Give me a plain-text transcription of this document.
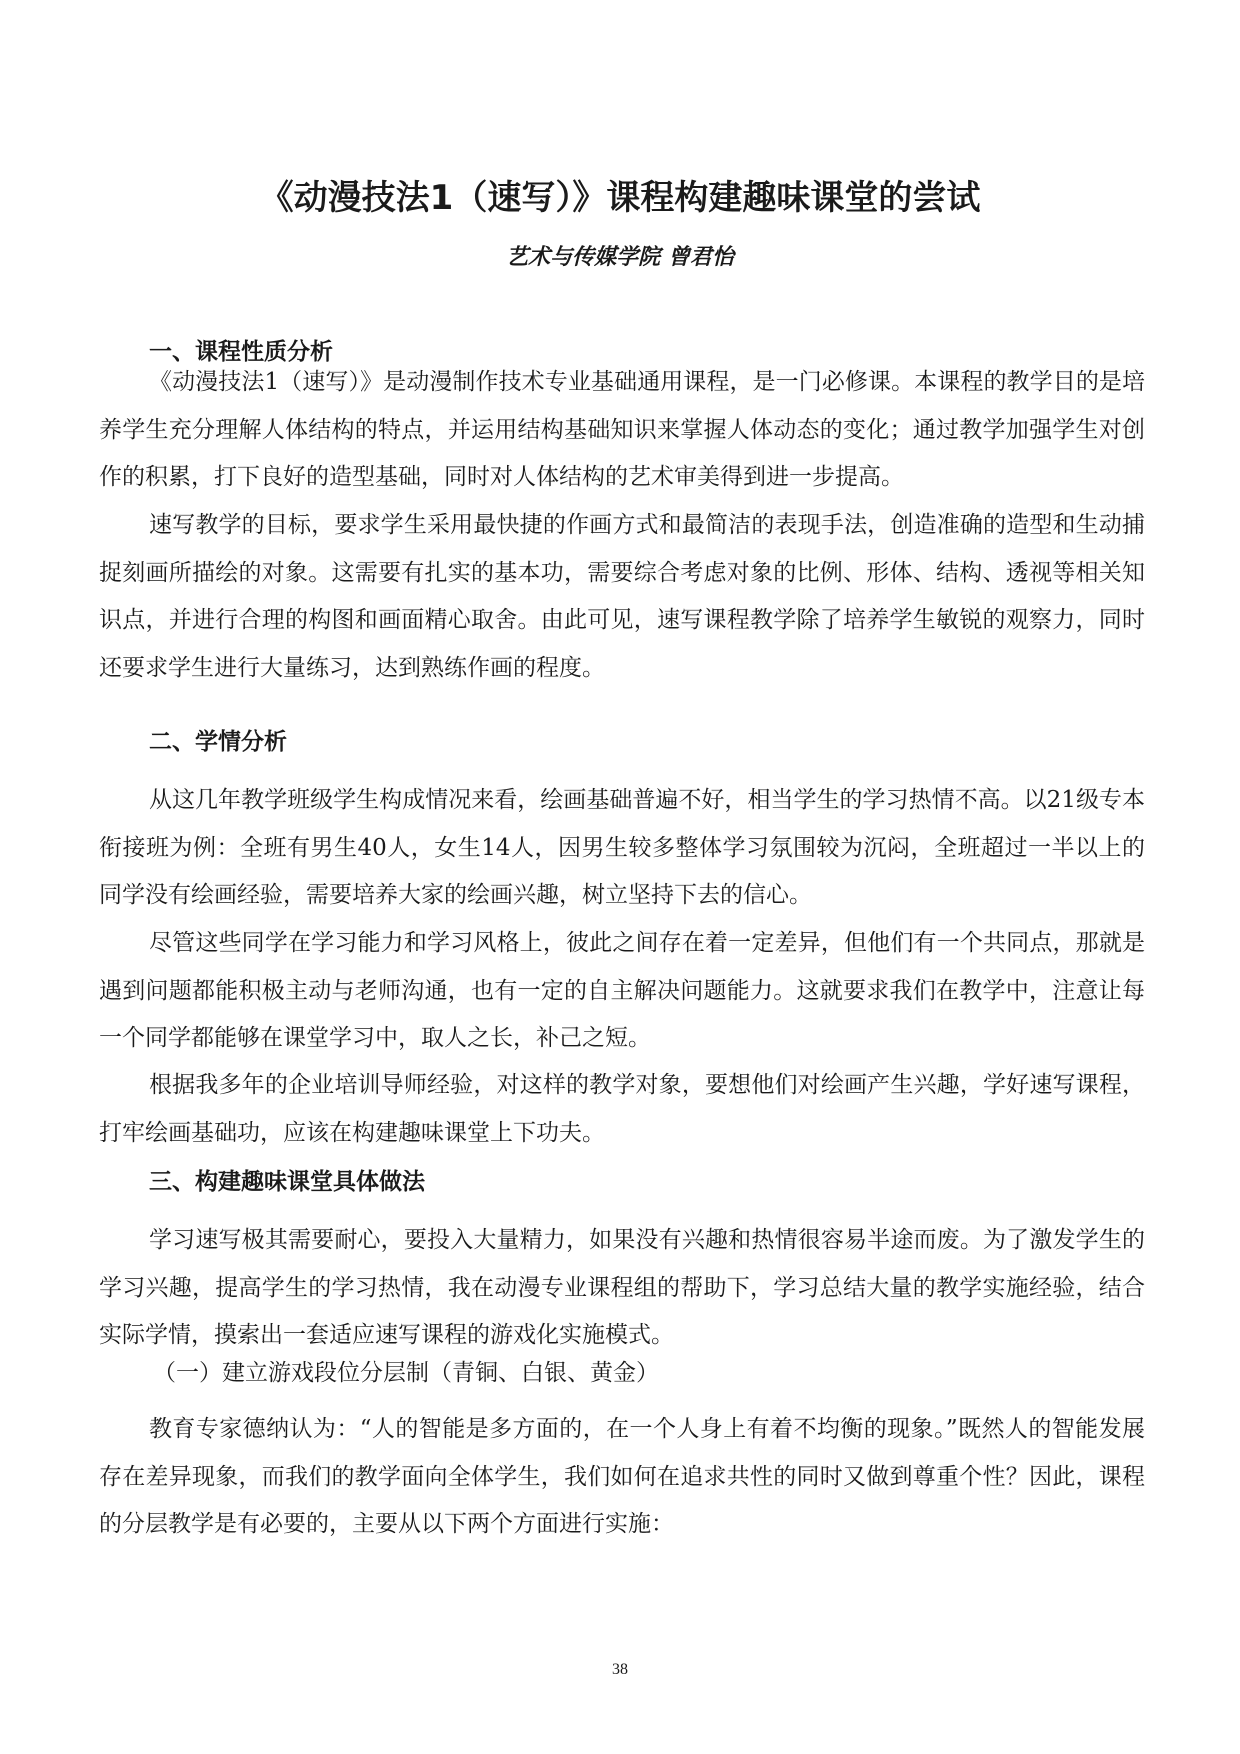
《动漫技法1（速写）》课程构建趣味课堂的尝试
艺术与传媒学院 曾君怡
一、课程性质分析

《动漫技法1（速写）》是动漫制作技术专业基础通用课程，是一门必修课。本课程的教学目的是培养学生充分理解人体结构的特点，并运用结构基础知识来掌握人体动态的变化；通过教学加强学生对创作的积累，打下良好的造型基础，同时对人体结构的艺术审美得到进一步提高。

速写教学的目标，要求学生采用最快捷的作画方式和最简洁的表现手法，创造准确的造型和生动捕捉刻画所描绘的对象。这需要有扎实的基本功，需要综合考虑对象的比例、形体、结构、透视等相关知识点，并进行合理的构图和画面精心取舍。由此可见，速写课程教学除了培养学生敏锐的观察力，同时还要求学生进行大量练习，达到熟练作画的程度。

二、学情分析

从这几年教学班级学生构成情况来看，绘画基础普遍不好，相当学生的学习热情不高。以21级专本衔接班为例：全班有男生40人，女生14人，因男生较多整体学习氛围较为沉闷，全班超过一半以上的同学没有绘画经验，需要培养大家的绘画兴趣，树立坚持下去的信心。

尽管这些同学在学习能力和学习风格上，彼此之间存在着一定差异，但他们有一个共同点，那就是遇到问题都能积极主动与老师沟通，也有一定的自主解决问题能力。这就要求我们在教学中，注意让每一个同学都能够在课堂学习中，取人之长，补己之短。

根据我多年的企业培训导师经验，对这样的教学对象，要想他们对绘画产生兴趣，学好速写课程，打牢绘画基础功，应该在构建趣味课堂上下功夫。

三、构建趣味课堂具体做法

学习速写极其需要耐心，要投入大量精力，如果没有兴趣和热情很容易半途而废。为了激发学生的学习兴趣，提高学生的学习热情，我在动漫专业课程组的帮助下，学习总结大量的教学实施经验，结合实际学情，摸索出一套适应速写课程的游戏化实施模式。

（一）建立游戏段位分层制（青铜、白银、黄金）

教育专家德纳认为：“人的智能是多方面的，在一个人身上有着不均衡的现象。”既然人的智能发展存在差异现象，而我们的教学面向全体学生，我们如何在追求共性的同时又做到尊重个性？因此，课程的分层教学是有必要的，主要从以下两个方面进行实施：

38
